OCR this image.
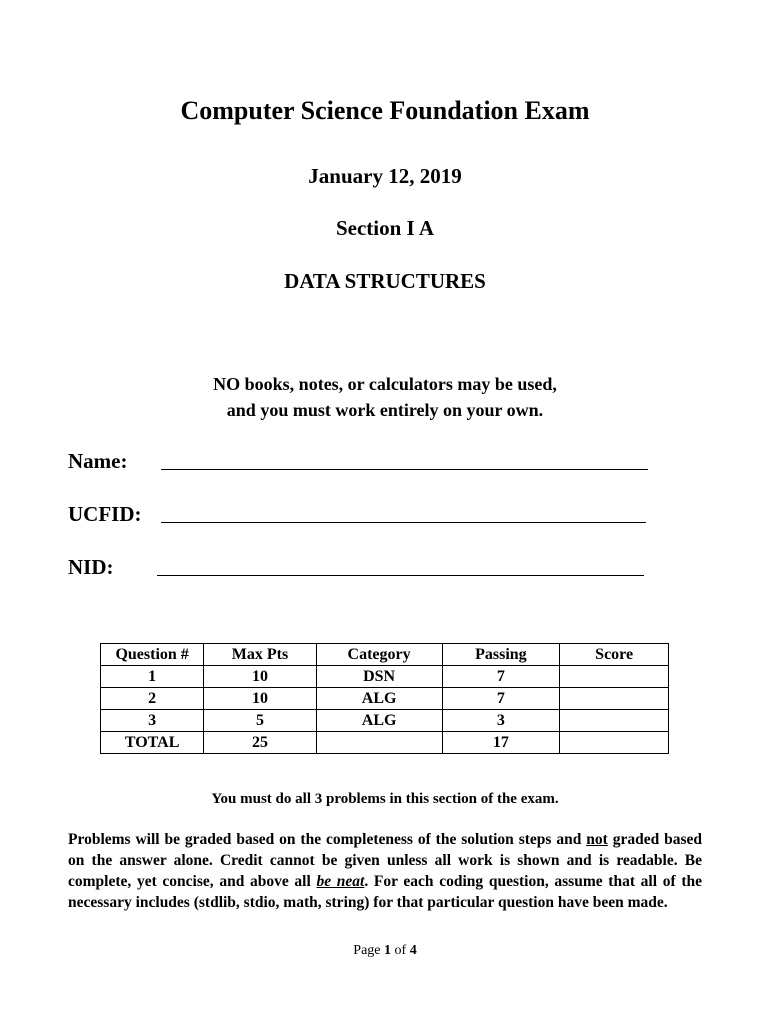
Computer Science Foundation Exam
January 12, 2019
Section I A
DATA STRUCTURES
NO books, notes, or calculators may be used,
and you must work entirely on your own.
Name:
UCFID:
NID:
Question #	Max Pts	Category	Passing	Score
1	10	DSN	7	
2	10	ALG	7	
3	5	ALG	3	
TOTAL	25		17	
You must do all 3 problems in this section of the exam.
Problems will be graded based on the completeness of the solution steps and not graded based on the answer alone. Credit cannot be given unless all work is shown and is readable. Be complete, yet concise, and above all be neat. For each coding question, assume that all of the necessary includes (stdlib, stdio, math, string) for that particular question have been made.
Page 1 of 4
